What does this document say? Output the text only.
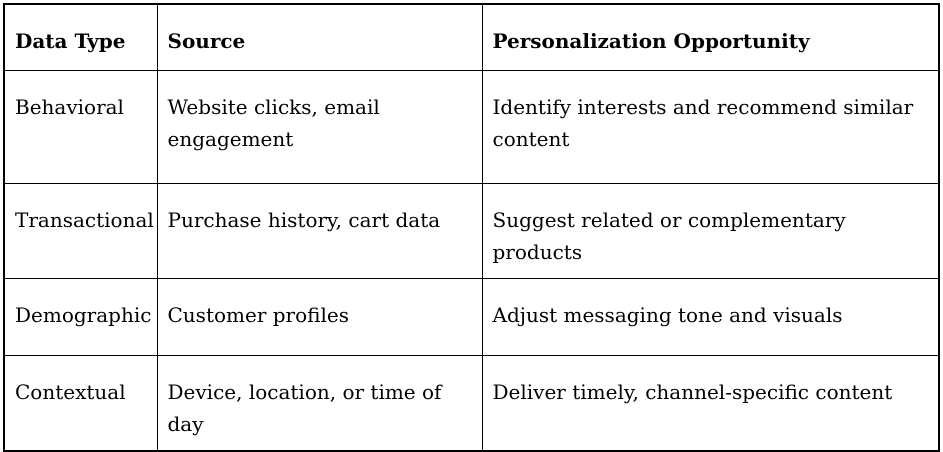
Data Type	Source	Personalization Opportunity
Behavioral	Website clicks, email engagement	Identify interests and recommend similar content
Transactional	Purchase history, cart data	Suggest related or complementary products
Demographic	Customer profiles	Adjust messaging tone and visuals
Contextual	Device, location, or time of day	Deliver timely, channel-specific content
